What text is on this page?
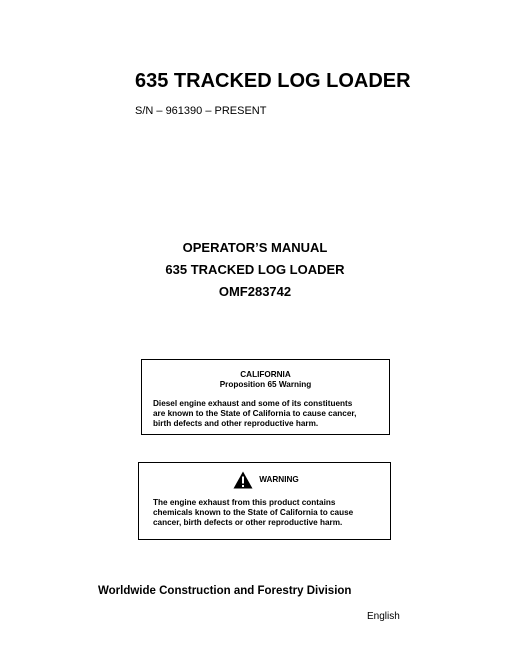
635 TRACKED LOG LOADER
S/N – 961390 – PRESENT
OPERATOR’S MANUAL
635 TRACKED LOG LOADER
OMF283742
CALIFORNIA
Proposition 65 Warning
Diesel engine exhaust and some of its constituents
are known to the State of California to cause cancer,
birth defects and other reproductive harm.
WARNING
The engine exhaust from this product contains
chemicals known to the State of California to cause
cancer, birth defects or other reproductive harm.
Worldwide Construction and Forestry Division
English
